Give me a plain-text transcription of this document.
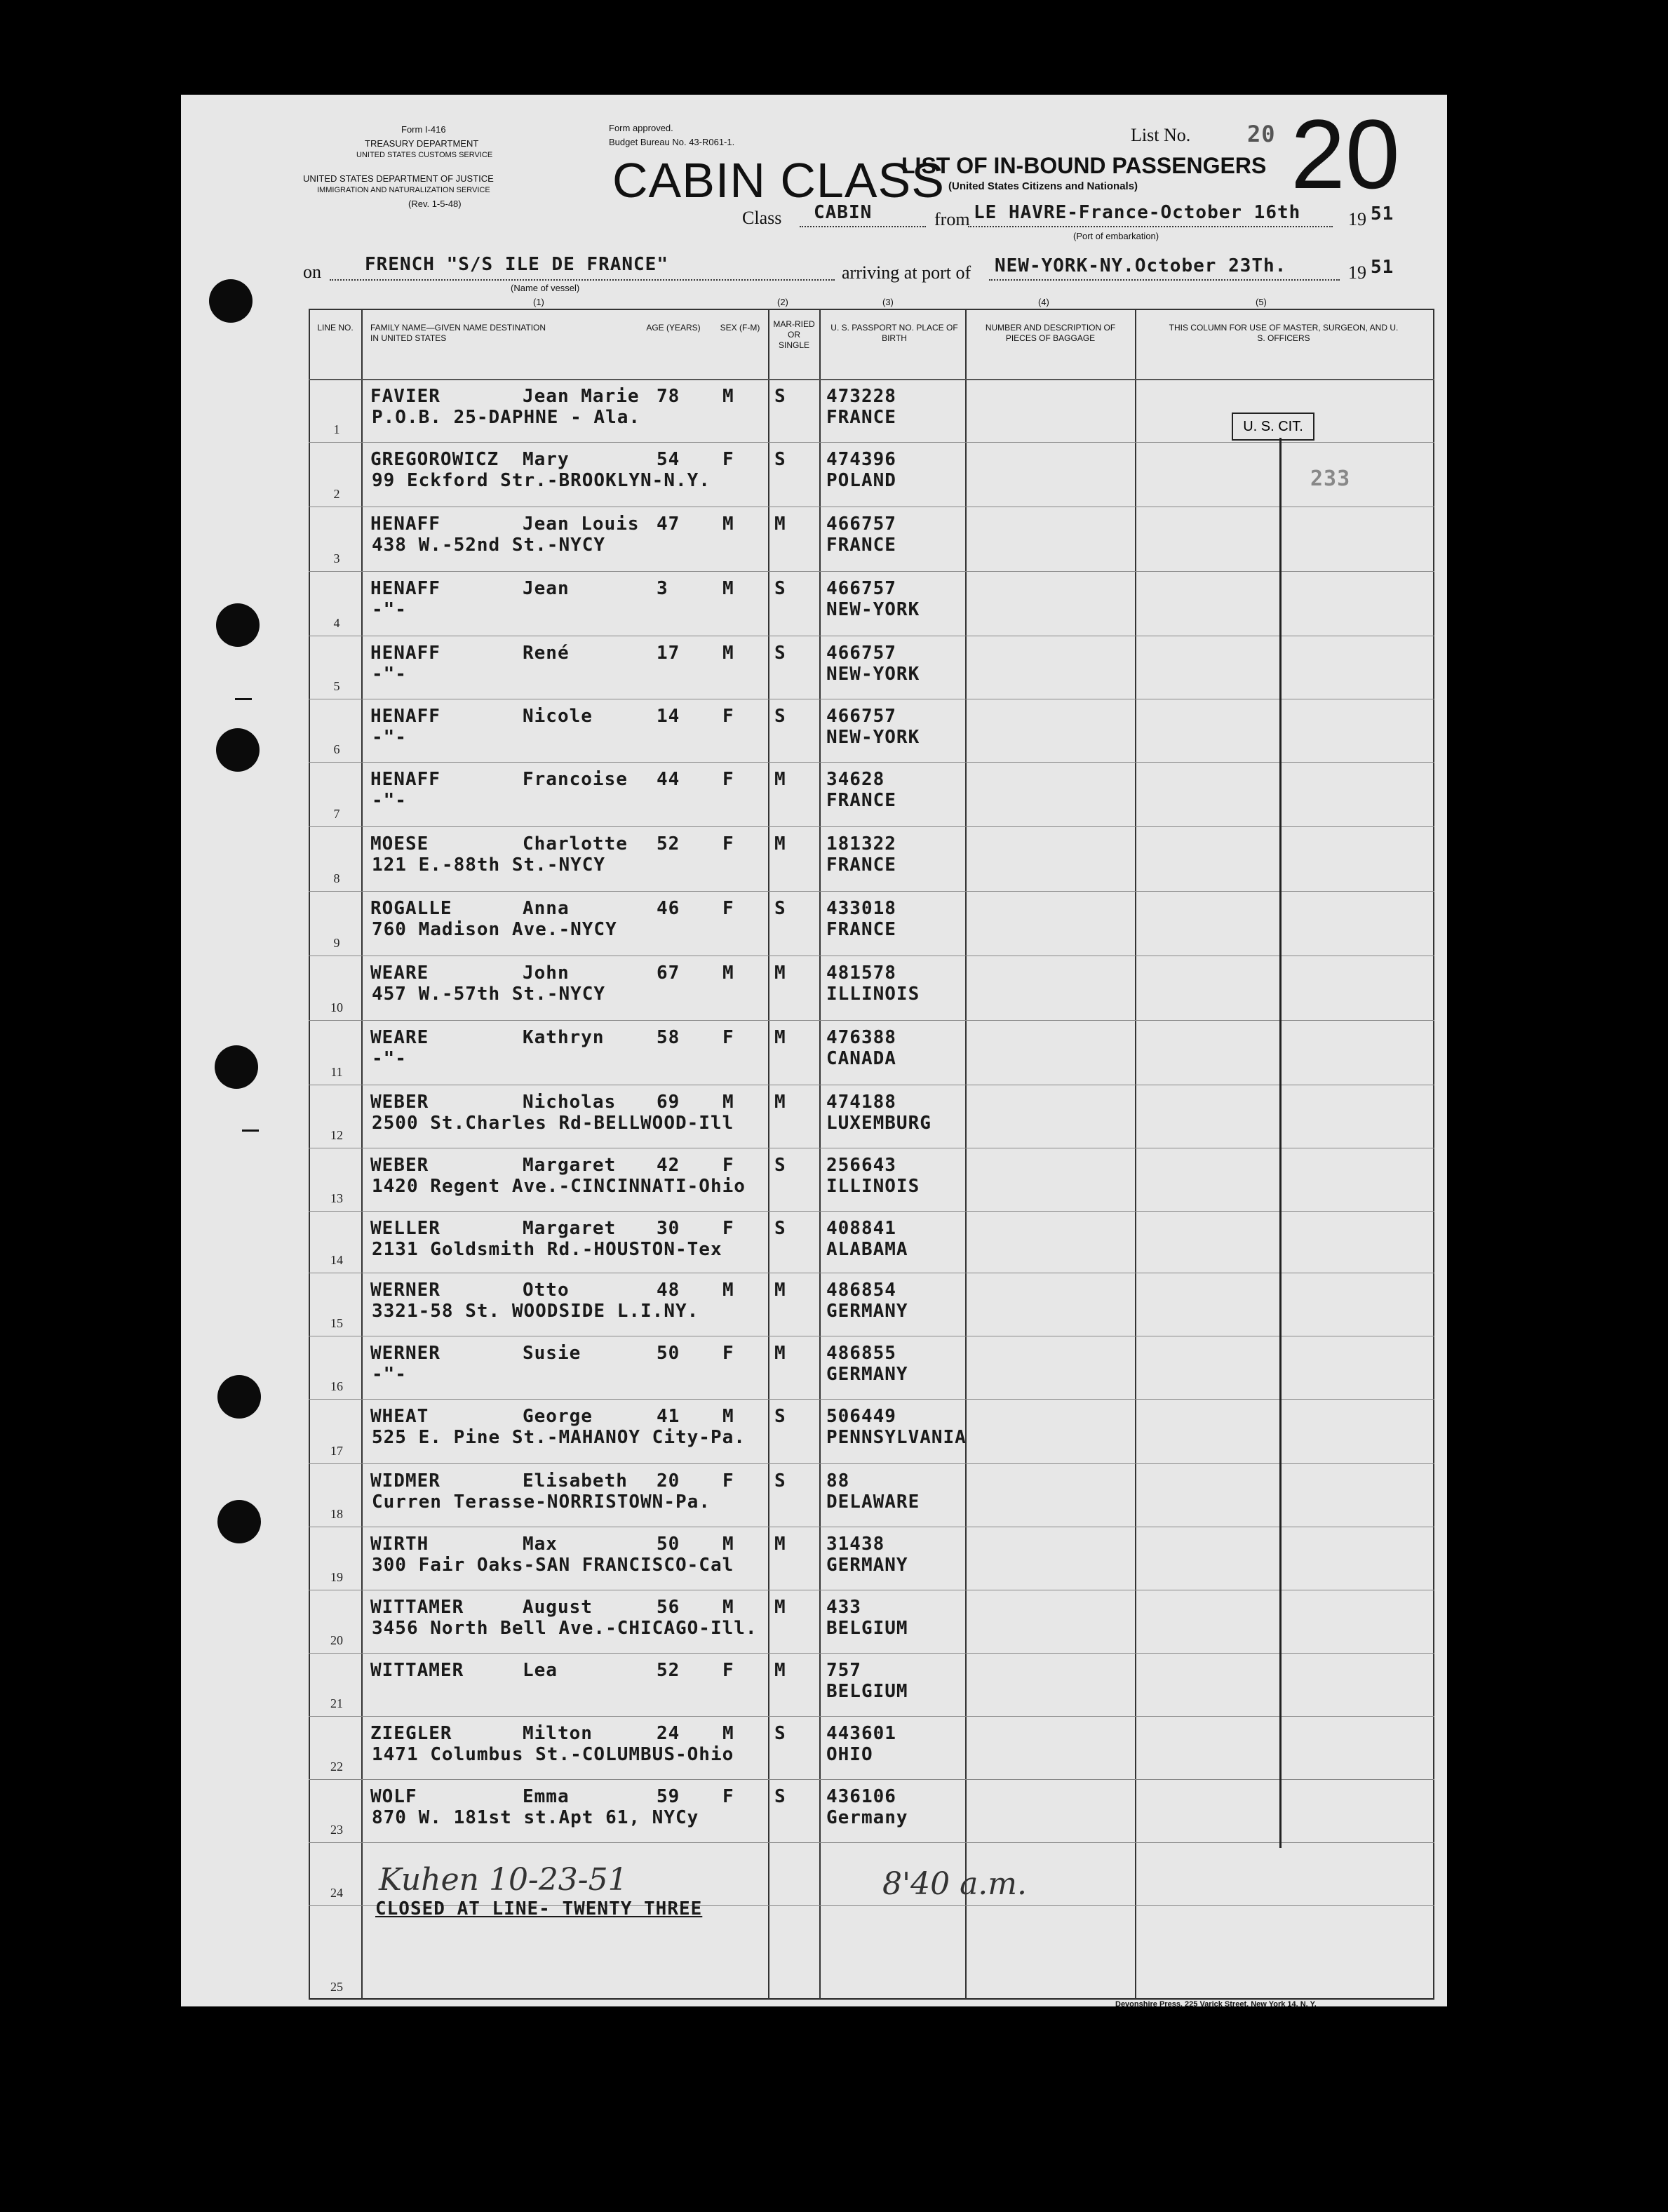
Form I-416
TREASURY DEPARTMENT
UNITED STATES CUSTOMS SERVICE
UNITED STATES DEPARTMENT OF JUSTICE
IMMIGRATION AND NATURALIZATION SERVICE
(Rev. 1-5-48)
Form approved.
Budget Bureau No. 43-R061-1.
CABIN CLASS
LIST OF IN-BOUND PASSENGERS
(United States Citizens and Nationals)
List No.	20 20
Class CABIN	from LE HAVRE-France-October 16th	19 51
(Port of embarkation)
on FRENCH "S/S ILE DE FRANCE"
(Name of vessel)
arriving at port of NEW-YORK-NY.October 23Th.	19 51
(1)	(2)	(3)	(4)	(5)
LINE NO.	FAMILY NAME—GIVEN NAME DESTINATION IN UNITED STATES
AGE (YEARS)	SEX (F-M)	MAR-RIED OR SINGLE
U. S. PASSPORT NO. PLACE OF BIRTH
NUMBER AND DESCRIPTION OF PIECES OF BAGGAGE
THIS COLUMN FOR USE OF MASTER, SURGEON, AND U. S. OFFICERS
1
FAVIER	Jean Marie 78 M S 473228
P.O.B. 25-DAPHNE - Ala.	FRANCE
2
GREGOROWICZ Mary	54 F S 474396
99 Eckford Str.-BROOKLYN-N.Y.	POLAND
3
HENAFF	Jean Louis 47 M M 466757
438 W.-52nd St.-NYCY	FRANCE
4
HENAFF	Jean	3	M S 466757
-"-	NEW-YORK
5
HENAFF	René	17 M S 466757
-"-	NEW-YORK
6
HENAFF	Nicole	14 F S 466757
-"-	NEW-YORK
7
HENAFF	Francoise 44 F M 34628
-"-	FRANCE
8
MOESE	Charlotte 52 F M 181322
121 E.-88th St.-NYCY	FRANCE
9
ROGALLE	Anna	46 F S 433018
760 Madison Ave.-NYCY	FRANCE
10
WEARE	John	67 M M 481578
457 W.-57th St.-NYCY	ILLINOIS
11
WEARE	Kathryn	58 F M 476388
-"-	CANADA
12
WEBER	Nicholas 69 M M 474188
2500 St.Charles Rd-BELLWOOD-Ill	LUXEMBURG
13
WEBER	Margaret 42 F S 256643
1420 Regent Ave.-CINCINNATI-Ohio	ILLINOIS
14
WELLER	Margaret 30 F S 408841
2131 Goldsmith Rd.-HOUSTON-Tex	ALABAMA
15
WERNER	Otto	48 M M 486854
3321-58 St. WOODSIDE L.I.NY.	GERMANY
16
WERNER	Susie	50 F M 486855
-"-	GERMANY
17
WHEAT	George	41 M S 506449
525 E. Pine St.-MAHANOY City-Pa.	PENNSYLVANIA
18
WIDMER	Elisabeth 20 F S 88
Curren Terasse-NORRISTOWN-Pa.	DELAWARE
19
WIRTH	Max	50 M M 31438
300 Fair Oaks-SAN FRANCISCO-Cal	GERMANY
20
WITTAMER	August	56 M M 433
3456 North Bell Ave.-CHICAGO-Ill.	BELGIUM
21
WITTAMER	Lea	52 F M 757
BELGIUM
22
ZIEGLER	Milton	24 M S 443601
1471 Columbus St.-COLUMBUS-Ohio	OHIO
23
WOLF	Emma	59 F S 436106
870 W. 181st st.Apt 61, NYCy	Germany
24
25
U. S. CIT.
233
CLOSED AT LINE- TWENTY THREE
Kuhen 10-23-51	8'40 a.m.
Devonshire Press, 225 Varick Street, New York 14, N. Y.
